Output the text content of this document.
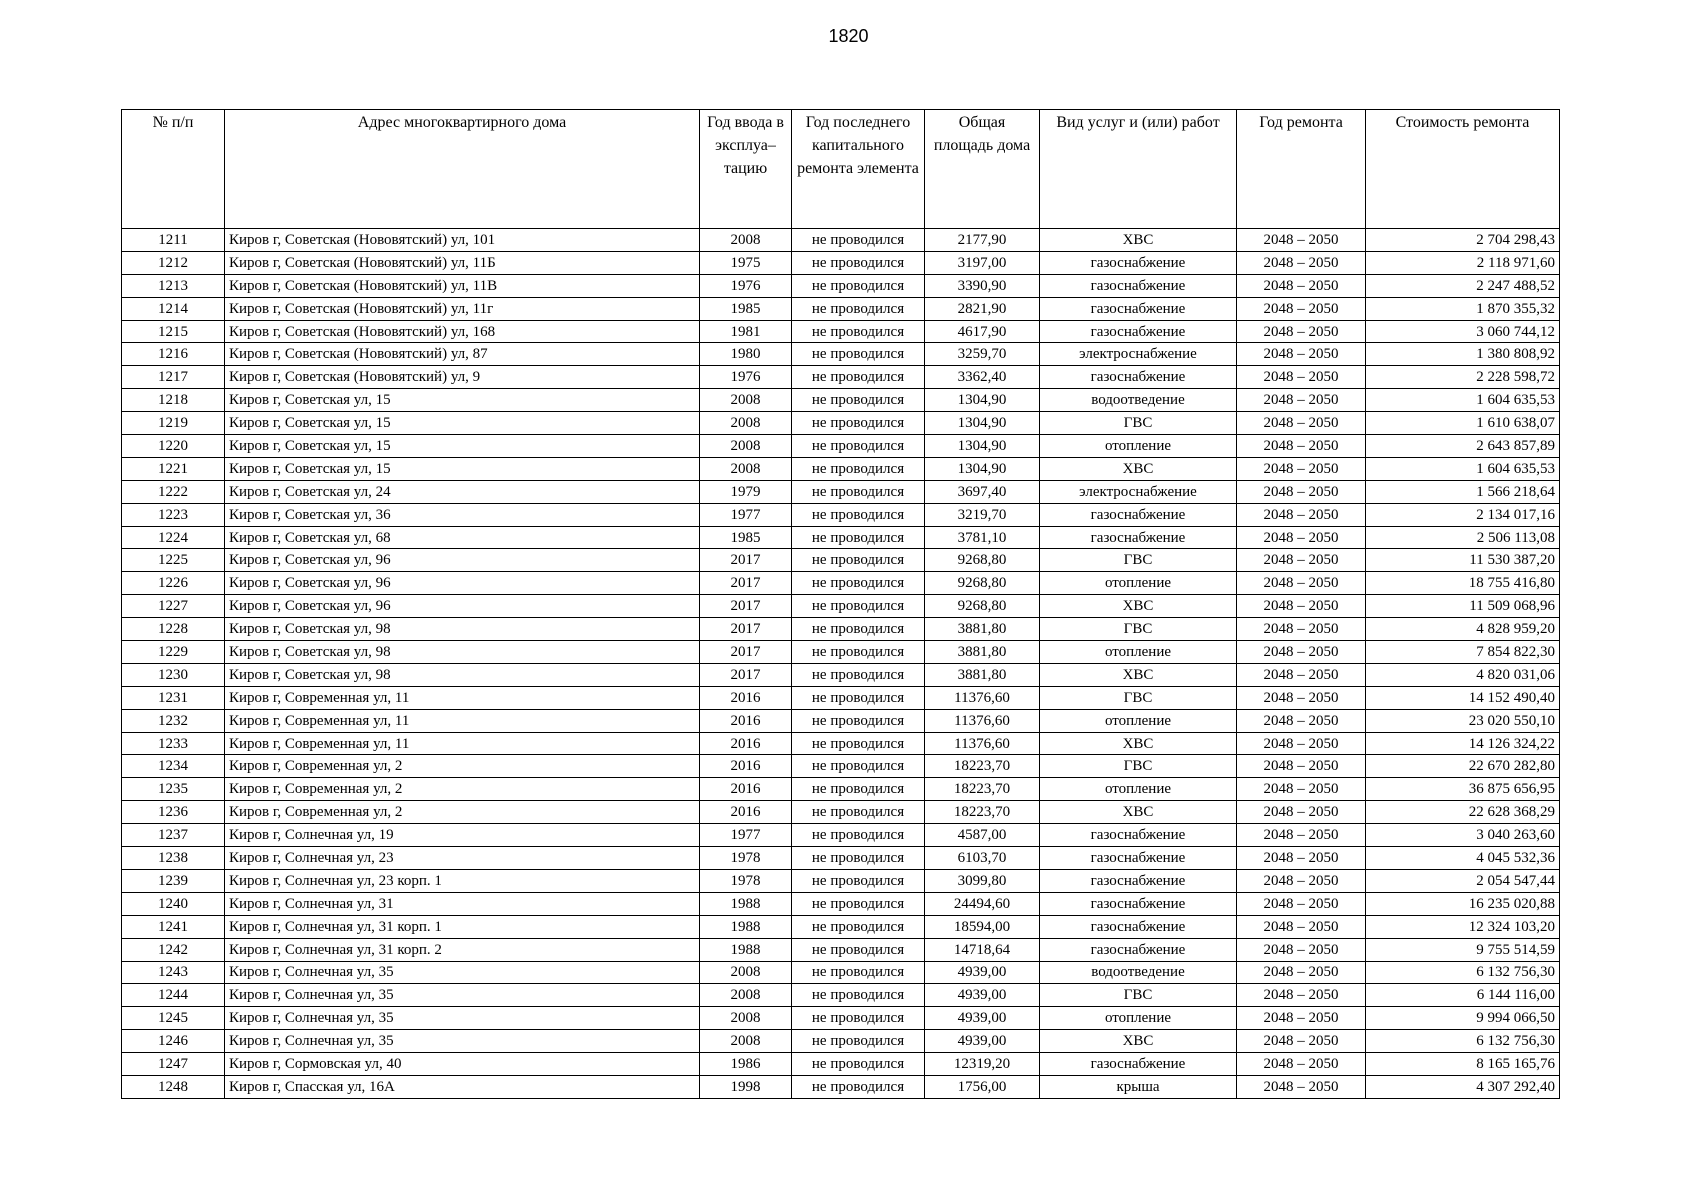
1820
№ п/п	Адрес многоквартирного дома	Год ввода в эксплуа– тацию	Год последнего капитального ремонта элемента	Общая площадь дома	Вид услуг и (или) работ	Год ремонта	Стоимость ремонта
1211	Киров г, Советская (Нововятский) ул, 101	2008	не проводился	2177,90	ХВС	2048 – 2050	2 704 298,43
1212	Киров г, Советская (Нововятский) ул, 11Б	1975	не проводился	3197,00	газоснабжение	2048 – 2050	2 118 971,60
1213	Киров г, Советская (Нововятский) ул, 11В	1976	не проводился	3390,90	газоснабжение	2048 – 2050	2 247 488,52
1214	Киров г, Советская (Нововятский) ул, 11г	1985	не проводился	2821,90	газоснабжение	2048 – 2050	1 870 355,32
1215	Киров г, Советская (Нововятский) ул, 168	1981	не проводился	4617,90	газоснабжение	2048 – 2050	3 060 744,12
1216	Киров г, Советская (Нововятский) ул, 87	1980	не проводился	3259,70	электроснабжение	2048 – 2050	1 380 808,92
1217	Киров г, Советская (Нововятский) ул, 9	1976	не проводился	3362,40	газоснабжение	2048 – 2050	2 228 598,72
1218	Киров г, Советская ул, 15	2008	не проводился	1304,90	водоотведение	2048 – 2050	1 604 635,53
1219	Киров г, Советская ул, 15	2008	не проводился	1304,90	ГВС	2048 – 2050	1 610 638,07
1220	Киров г, Советская ул, 15	2008	не проводился	1304,90	отопление	2048 – 2050	2 643 857,89
1221	Киров г, Советская ул, 15	2008	не проводился	1304,90	ХВС	2048 – 2050	1 604 635,53
1222	Киров г, Советская ул, 24	1979	не проводился	3697,40	электроснабжение	2048 – 2050	1 566 218,64
1223	Киров г, Советская ул, 36	1977	не проводился	3219,70	газоснабжение	2048 – 2050	2 134 017,16
1224	Киров г, Советская ул, 68	1985	не проводился	3781,10	газоснабжение	2048 – 2050	2 506 113,08
1225	Киров г, Советская ул, 96	2017	не проводился	9268,80	ГВС	2048 – 2050	11 530 387,20
1226	Киров г, Советская ул, 96	2017	не проводился	9268,80	отопление	2048 – 2050	18 755 416,80
1227	Киров г, Советская ул, 96	2017	не проводился	9268,80	ХВС	2048 – 2050	11 509 068,96
1228	Киров г, Советская ул, 98	2017	не проводился	3881,80	ГВС	2048 – 2050	4 828 959,20
1229	Киров г, Советская ул, 98	2017	не проводился	3881,80	отопление	2048 – 2050	7 854 822,30
1230	Киров г, Советская ул, 98	2017	не проводился	3881,80	ХВС	2048 – 2050	4 820 031,06
1231	Киров г, Современная ул, 11	2016	не проводился	11376,60	ГВС	2048 – 2050	14 152 490,40
1232	Киров г, Современная ул, 11	2016	не проводился	11376,60	отопление	2048 – 2050	23 020 550,10
1233	Киров г, Современная ул, 11	2016	не проводился	11376,60	ХВС	2048 – 2050	14 126 324,22
1234	Киров г, Современная ул, 2	2016	не проводился	18223,70	ГВС	2048 – 2050	22 670 282,80
1235	Киров г, Современная ул, 2	2016	не проводился	18223,70	отопление	2048 – 2050	36 875 656,95
1236	Киров г, Современная ул, 2	2016	не проводился	18223,70	ХВС	2048 – 2050	22 628 368,29
1237	Киров г, Солнечная ул, 19	1977	не проводился	4587,00	газоснабжение	2048 – 2050	3 040 263,60
1238	Киров г, Солнечная ул, 23	1978	не проводился	6103,70	газоснабжение	2048 – 2050	4 045 532,36
1239	Киров г, Солнечная ул, 23 корп. 1	1978	не проводился	3099,80	газоснабжение	2048 – 2050	2 054 547,44
1240	Киров г, Солнечная ул, 31	1988	не проводился	24494,60	газоснабжение	2048 – 2050	16 235 020,88
1241	Киров г, Солнечная ул, 31 корп. 1	1988	не проводился	18594,00	газоснабжение	2048 – 2050	12 324 103,20
1242	Киров г, Солнечная ул, 31 корп. 2	1988	не проводился	14718,64	газоснабжение	2048 – 2050	9 755 514,59
1243	Киров г, Солнечная ул, 35	2008	не проводился	4939,00	водоотведение	2048 – 2050	6 132 756,30
1244	Киров г, Солнечная ул, 35	2008	не проводился	4939,00	ГВС	2048 – 2050	6 144 116,00
1245	Киров г, Солнечная ул, 35	2008	не проводился	4939,00	отопление	2048 – 2050	9 994 066,50
1246	Киров г, Солнечная ул, 35	2008	не проводился	4939,00	ХВС	2048 – 2050	6 132 756,30
1247	Киров г, Сормовская ул, 40	1986	не проводился	12319,20	газоснабжение	2048 – 2050	8 165 165,76
1248	Киров г, Спасская ул, 16А	1998	не проводился	1756,00	крыша	2048 – 2050	4 307 292,40
